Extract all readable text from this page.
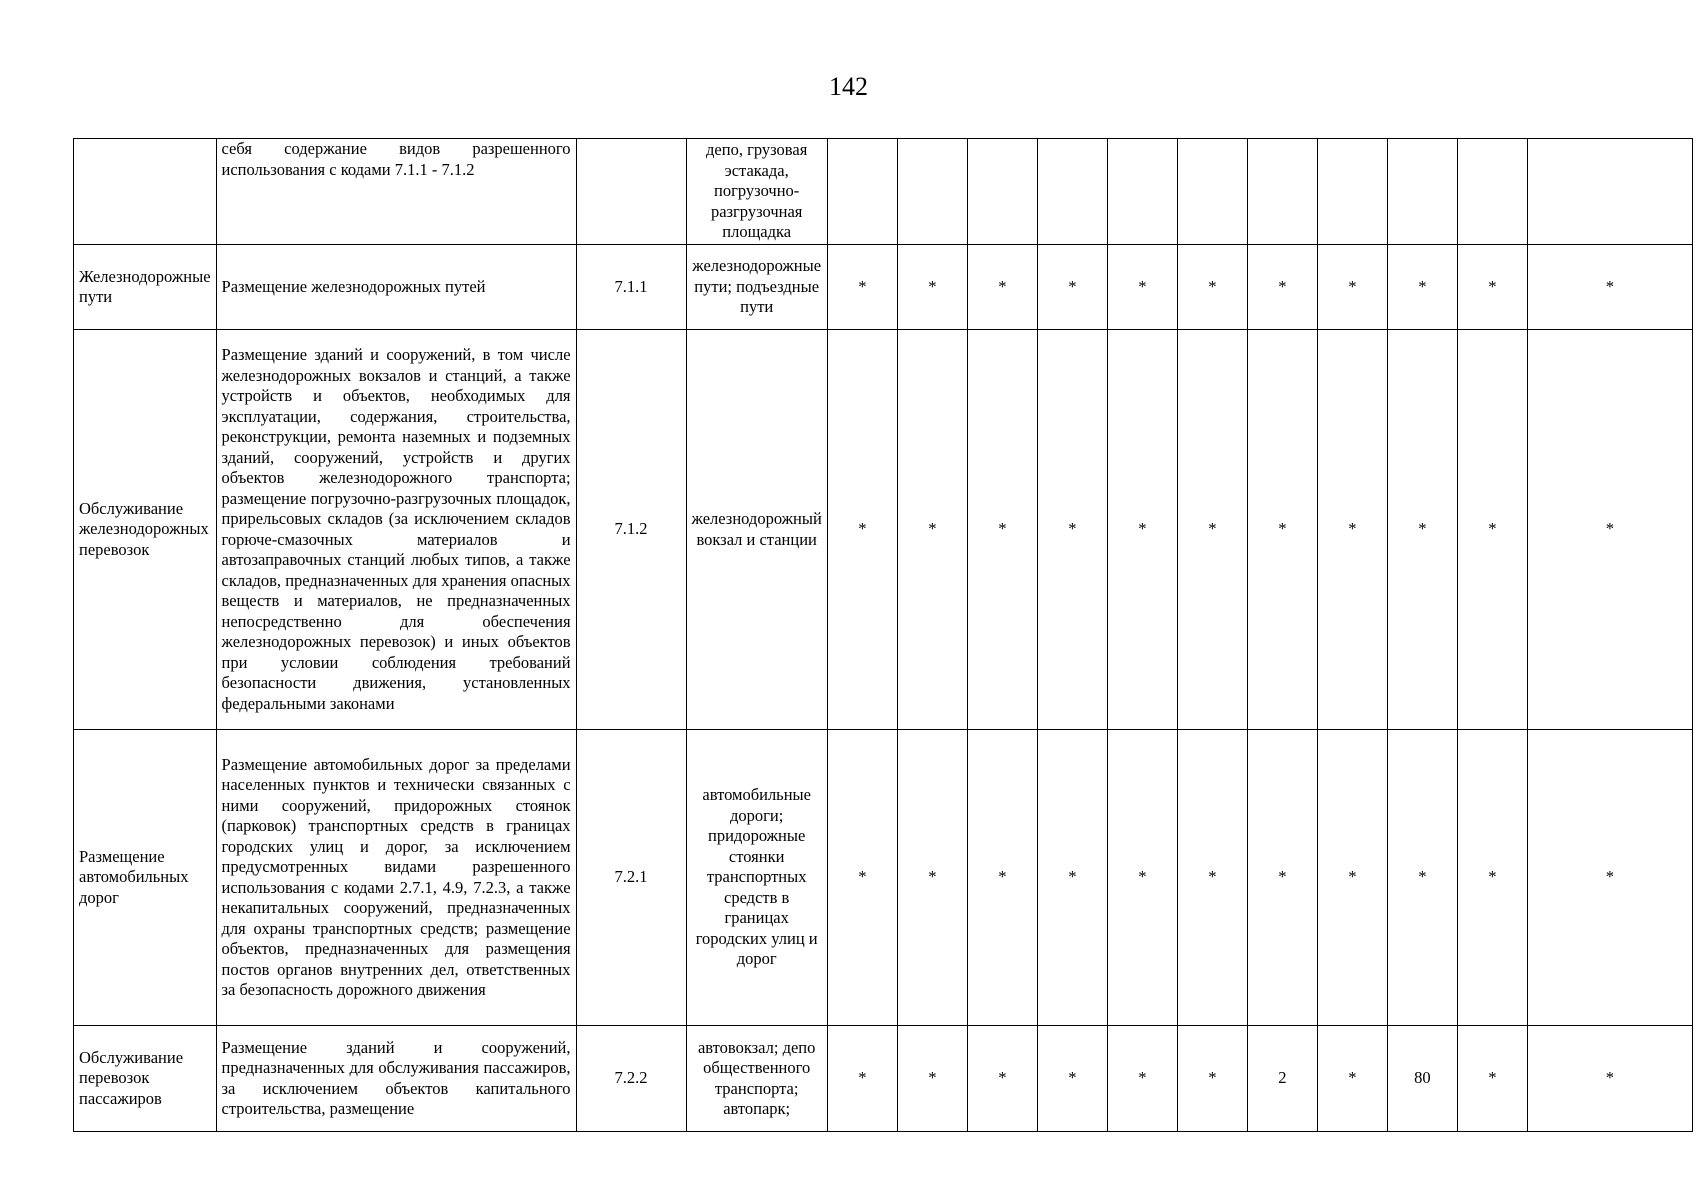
142
	себя содержание видов разрешенного использования с кодами 7.1.1 - 7.1.2		депо, грузовая эстакада, погрузочно-разгрузочная площадка											
Железнодорожные пути	Размещение железнодорожных путей	7.1.1	железнодорожные пути; подъездные пути	*	*	*	*	*	*	*	*	*	*	*
Обслуживание железнодорожных перевозок	Размещение зданий и сооружений, в том числе железнодорожных вокзалов и станций, а также устройств и объектов, необходимых для эксплуатации, содержания, строительства, реконструкции, ремонта наземных и подземных зданий, сооружений, устройств и других объектов железнодорожного транспорта; размещение погрузочно-разгрузочных площадок, прирельсовых складов (за исключением складов горюче-смазочных материалов и автозаправочных станций любых типов, а также складов, предназначенных для хранения опасных веществ и материалов, не предназначенных непосредственно для обеспечения железнодорожных перевозок) и иных объектов при условии соблюдения требований безопасности движения, установленных федеральными законами	7.1.2	железнодорожный вокзал и станции	*	*	*	*	*	*	*	*	*	*	*
Размещение автомобильных дорог	Размещение автомобильных дорог за пределами населенных пунктов и технически связанных с ними сооружений, придорожных стоянок (парковок) транспортных средств в границах городских улиц и дорог, за исключением предусмотренных видами разрешенного использования с кодами 2.7.1, 4.9, 7.2.3, а также некапитальных сооружений, предназначенных для охраны транспортных средств; размещение объектов, предназначенных для размещения постов органов внутренних дел, ответственных за безопасность дорожного движения	7.2.1	автомобильные дороги; придорожные стоянки транспортных средств в границах городских улиц и дорог	*	*	*	*	*	*	*	*	*	*	*
Обслуживание перевозок пассажиров	Размещение зданий и сооружений, предназначенных для обслуживания пассажиров, за исключением объектов капитального строительства, размещение	7.2.2	автовокзал; депо общественного транспорта; автопарк;	*	*	*	*	*	*	2	*	80	*	*
